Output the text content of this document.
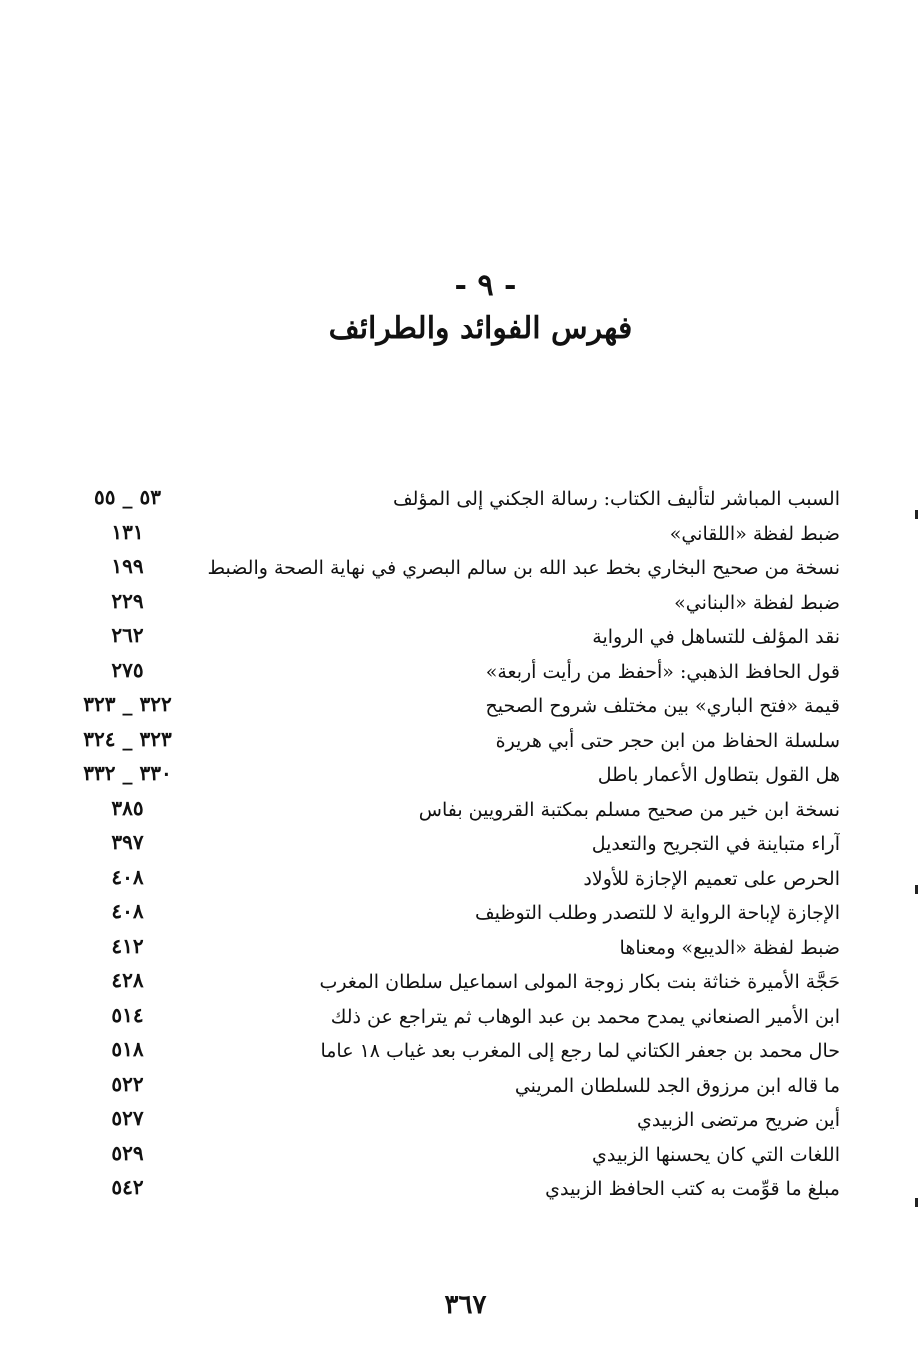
- ٩ -
فهرس الفوائد والطرائف
السبب المباشر لتأليف الكتاب: رسالة الجكني إلى المؤلف
٥٣ _ ٥٥
ضبط لفظة «اللقاني»
١٣١
نسخة من صحيح البخاري بخط عبد الله بن سالم البصري في نهاية الصحة والضبط
١٩٩
ضبط لفظة «البناني»
٢٢٩
نقد المؤلف للتساهل في الرواية
٢٦٢
قول الحافظ الذهبي: «أحفظ من رأيت أربعة»
٢٧٥
قيمة «فتح الباري» بين مختلف شروح الصحيح
٣٢٢ _ ٣٢٣
سلسلة الحفاظ من ابن حجر حتى أبي هريرة
٣٢٣ _ ٣٢٤
هل القول بتطاول الأعمار باطل
٣٣٠ _ ٣٣٢
نسخة ابن خير من صحيح مسلم بمكتبة القرويين بفاس
٣٨٥
آراء متباينة في التجريح والتعديل
٣٩٧
الحرص على تعميم الإجازة للأولاد
٤٠٨
الإجازة لإباحة الرواية لا للتصدر وطلب التوظيف
٤٠٨
ضبط لفظة «الديبع» ومعناها
٤١٢
حَجَّة الأميرة خناثة بنت بكار زوجة المولى اسماعيل سلطان المغرب
٤٢٨
ابن الأمير الصنعاني يمدح محمد بن عبد الوهاب ثم يتراجع عن ذلك
٥١٤
حال محمد بن جعفر الكتاني لما رجع إلى المغرب بعد غياب ١٨ عاما
٥١٨
ما قاله ابن مرزوق الجد للسلطان المريني
٥٢٢
أين ضريح مرتضى الزبيدي
٥٢٧
اللغات التي كان يحسنها الزبيدي
٥٢٩
مبلغ ما قوِّمت به كتب الحافظ الزبيدي
٥٤٢
٣٦٧
